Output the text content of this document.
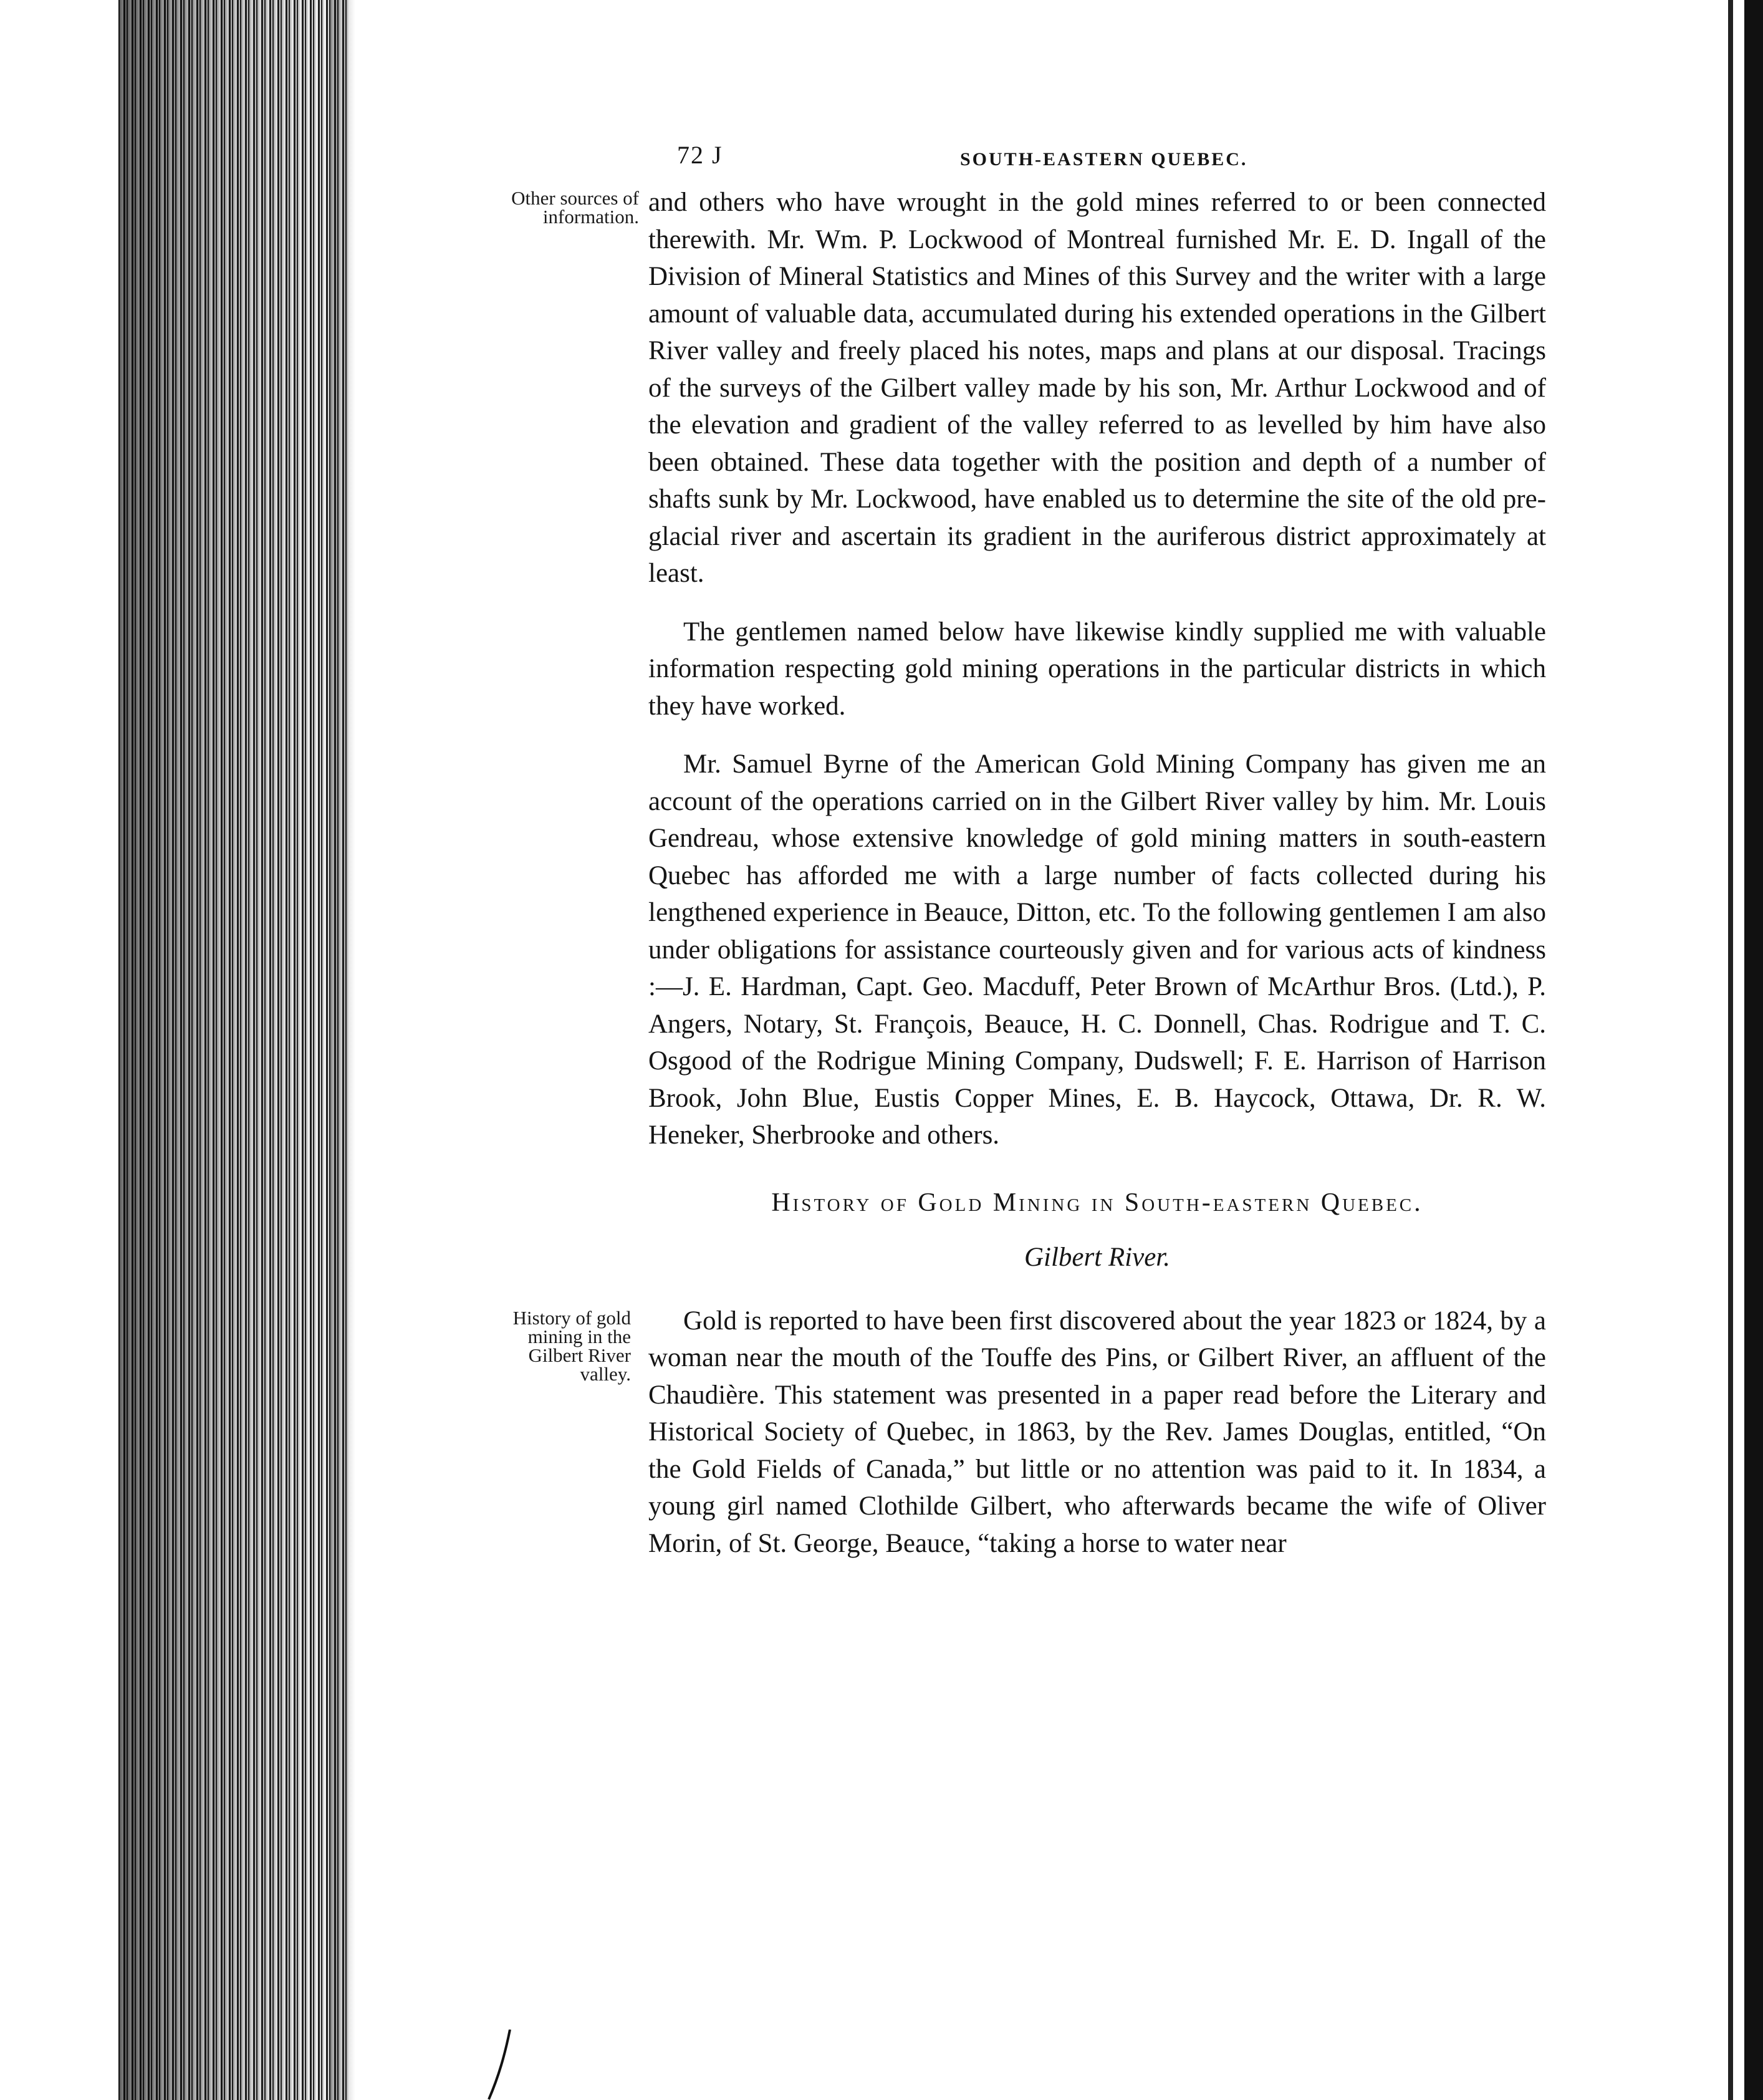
72 J	SOUTH-EASTERN QUEBEC.
Other sources of information. and others who have wrought in the gold mines referred to or been connected therewith. Mr. Wm. P. Lockwood of Montreal furnished Mr. E. D. Ingall of the Division of Mineral Statistics and Mines of this Survey and the writer with a large amount of valuable data, accumulated during his extended operations in the Gilbert River valley and freely placed his notes, maps and plans at our disposal. Tracings of the surveys of the Gilbert valley made by his son, Mr. Arthur Lockwood and of the elevation and gradient of the valley referred to as levelled by him have also been obtained. These data together with the position and depth of a number of shafts sunk by Mr. Lockwood, have enabled us to determine the site of the old pre-glacial river and ascertain its gradient in the auriferous district approximately at least.

The gentlemen named below have likewise kindly supplied me with valuable information respecting gold mining operations in the particular districts in which they have worked.

Mr. Samuel Byrne of the American Gold Mining Company has given me an account of the operations carried on in the Gilbert River valley by him. Mr. Louis Gendreau, whose extensive knowledge of gold mining matters in south-eastern Quebec has afforded me with a large number of facts collected during his lengthened experience in Beauce, Ditton, etc. To the following gentlemen I am also under obligations for assistance courteously given and for various acts of kindness :—J. E. Hardman, Capt. Geo. Macduff, Peter Brown of McArthur Bros. (Ltd.), P. Angers, Notary, St. François, Beauce, H. C. Donnell, Chas. Rodrigue and T. C. Osgood of the Rodrigue Mining Company, Dudswell; F. E. Harrison of Harrison Brook, John Blue, Eustis Copper Mines, E. B. Haycock, Ottawa, Dr. R. W. Heneker, Sherbrooke and others.

History of Gold Mining in South-eastern Quebec.
Gilbert River.
History of gold mining in the Gilbert River valley.

Gold is reported to have been first discovered about the year 1823 or 1824, by a woman near the mouth of the Touffe des Pins, or Gilbert River, an affluent of the Chaudière. This statement was presented in a paper read before the Literary and Historical Society of Quebec, in 1863, by the Rev. James Douglas, entitled, “On the Gold Fields of Canada,” but little or no attention was paid to it. In 1834, a young girl named Clothilde Gilbert, who afterwards became the wife of Oliver Morin, of St. George, Beauce, “taking a horse to water near
